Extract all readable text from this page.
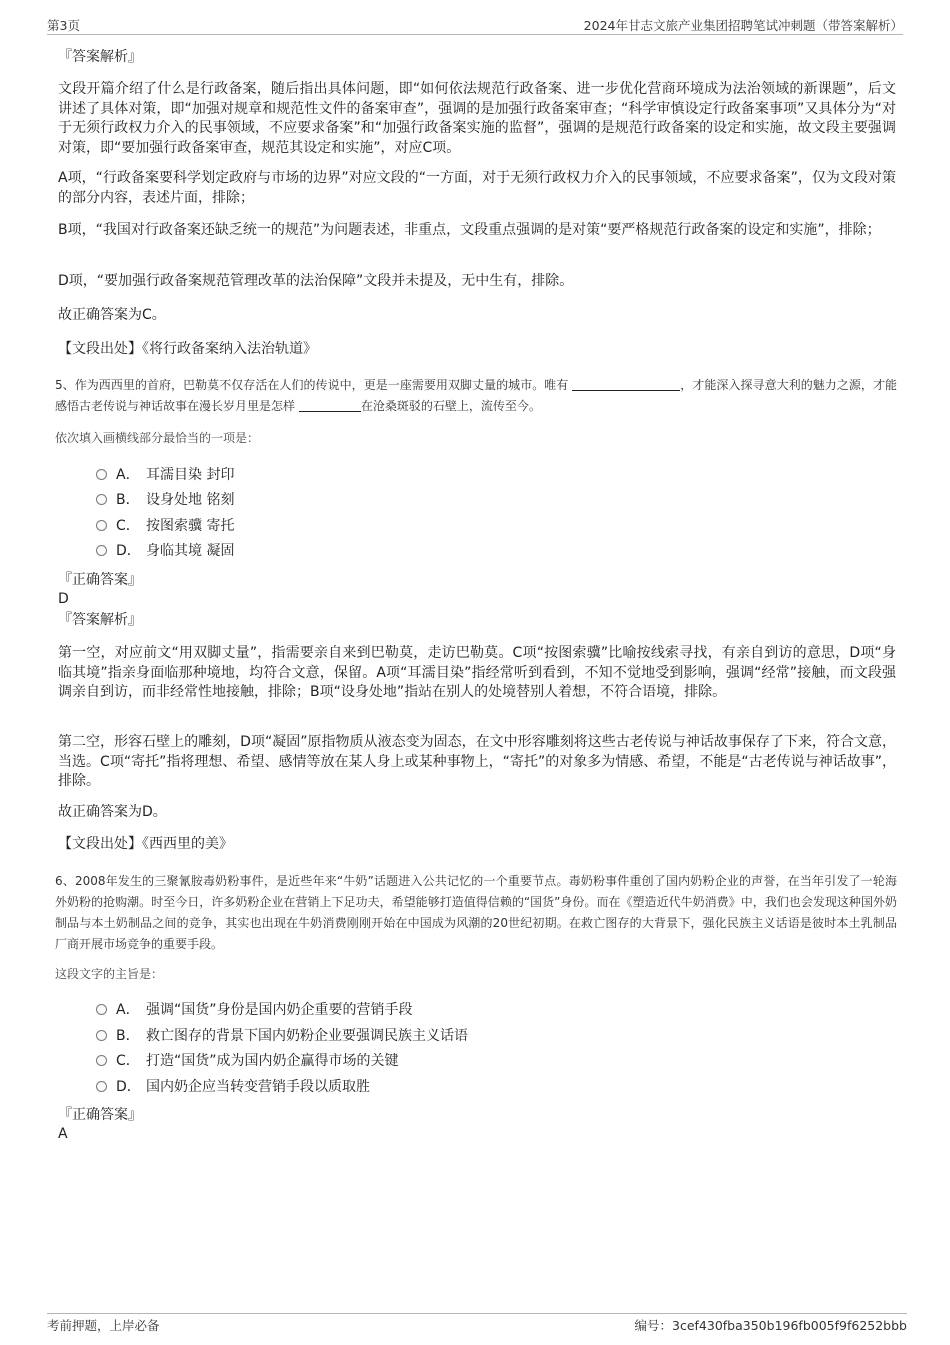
第3页	2024年甘志文旅产业集团招聘笔试冲刺题（带答案解析）
『答案解析』
文段开篇介绍了什么是行政备案，随后指出具体问题，即“如何依法规范行政备案、进一步优化营商环境成为法治领域的新课题”，后文讲述了具体对策，即“加强对规章和规范性文件的备案审查”，强调的是加强行政备案审查；“科学审慎设定行政备案事项”又具体分为“对于无须行政权力介入的民事领域，不应要求备案”和“加强行政备案实施的监督”，强调的是规范行政备案的设定和实施，故文段主要强调对策，即“要加强行政备案审查，规范其设定和实施”，对应C项。
A项，“行政备案要科学划定政府与市场的边界”对应文段的“一方面，对于无须行政权力介入的民事领域，不应要求备案”，仅为文段对策的部分内容，表述片面，排除；
B项，“我国对行政备案还缺乏统一的规范”为问题表述，非重点，文段重点强调的是对策“要严格规范行政备案的设定和实施”，排除；
D项，“要加强行政备案规范管理改革的法治保障”文段并未提及，无中生有，排除。
故正确答案为C。
【文段出处】《将行政备案纳入法治轨道》
5、作为西西里的首府，巴勒莫不仅存活在人们的传说中，更是一座需要用双脚丈量的城市。唯有	，才能深入探寻意大利的魅力之源，才能感悟古老传说与神话故事在漫长岁月里是怎样	在沧桑斑驳的石壁上，流传至今。
依次填入画横线部分最恰当的一项是：
A． 耳濡目染 封印
B． 设身处地 铭刻
C． 按图索骥 寄托
D． 身临其境 凝固
『正确答案』
D
『答案解析』
第一空，对应前文“用双脚丈量”，指需要亲自来到巴勒莫，走访巴勒莫。C项“按图索骥”比喻按线索寻找，有亲自到访的意思，D项“身临其境”指亲身面临那种境地，均符合文意，保留。A项“耳濡目染”指经常听到看到，不知不觉地受到影响，强调“经常”接触，而文段强调亲自到访，而非经常性地接触，排除；B项“设身处地”指站在别人的处境替别人着想，不符合语境，排除。
第二空，形容石壁上的雕刻，D项“凝固”原指物质从液态变为固态，在文中形容雕刻将这些古老传说与神话故事保存了下来，符合文意，当选。C项“寄托”指将理想、希望、感情等放在某人身上或某种事物上，“寄托”的对象多为情感、希望，不能是“古老传说与神话故事”，排除。
故正确答案为D。
【文段出处】《西西里的美》
6、2008年发生的三聚氰胺毒奶粉事件，是近些年来“牛奶”话题进入公共记忆的一个重要节点。毒奶粉事件重创了国内奶粉企业的声誉，在当年引发了一轮海外奶粉的抢购潮。时至今日，许多奶粉企业在营销上下足功夫，希望能够打造值得信赖的“国货”身份。而在《塑造近代牛奶消费》中，我们也会发现这种国外奶制品与本土奶制品之间的竞争，其实也出现在牛奶消费刚刚开始在中国成为风潮的20世纪初期。在救亡图存的大背景下，强化民族主义话语是彼时本土乳制品厂商开展市场竞争的重要手段。
这段文字的主旨是：
A． 强调“国货”身份是国内奶企重要的营销手段
B． 救亡图存的背景下国内奶粉企业要强调民族主义话语
C． 打造“国货”成为国内奶企赢得市场的关键
D． 国内奶企应当转变营销手段以质取胜
『正确答案』
A
考前押题，上岸必备	编号：3cef430fba350b196fb005f9f6252bbb
